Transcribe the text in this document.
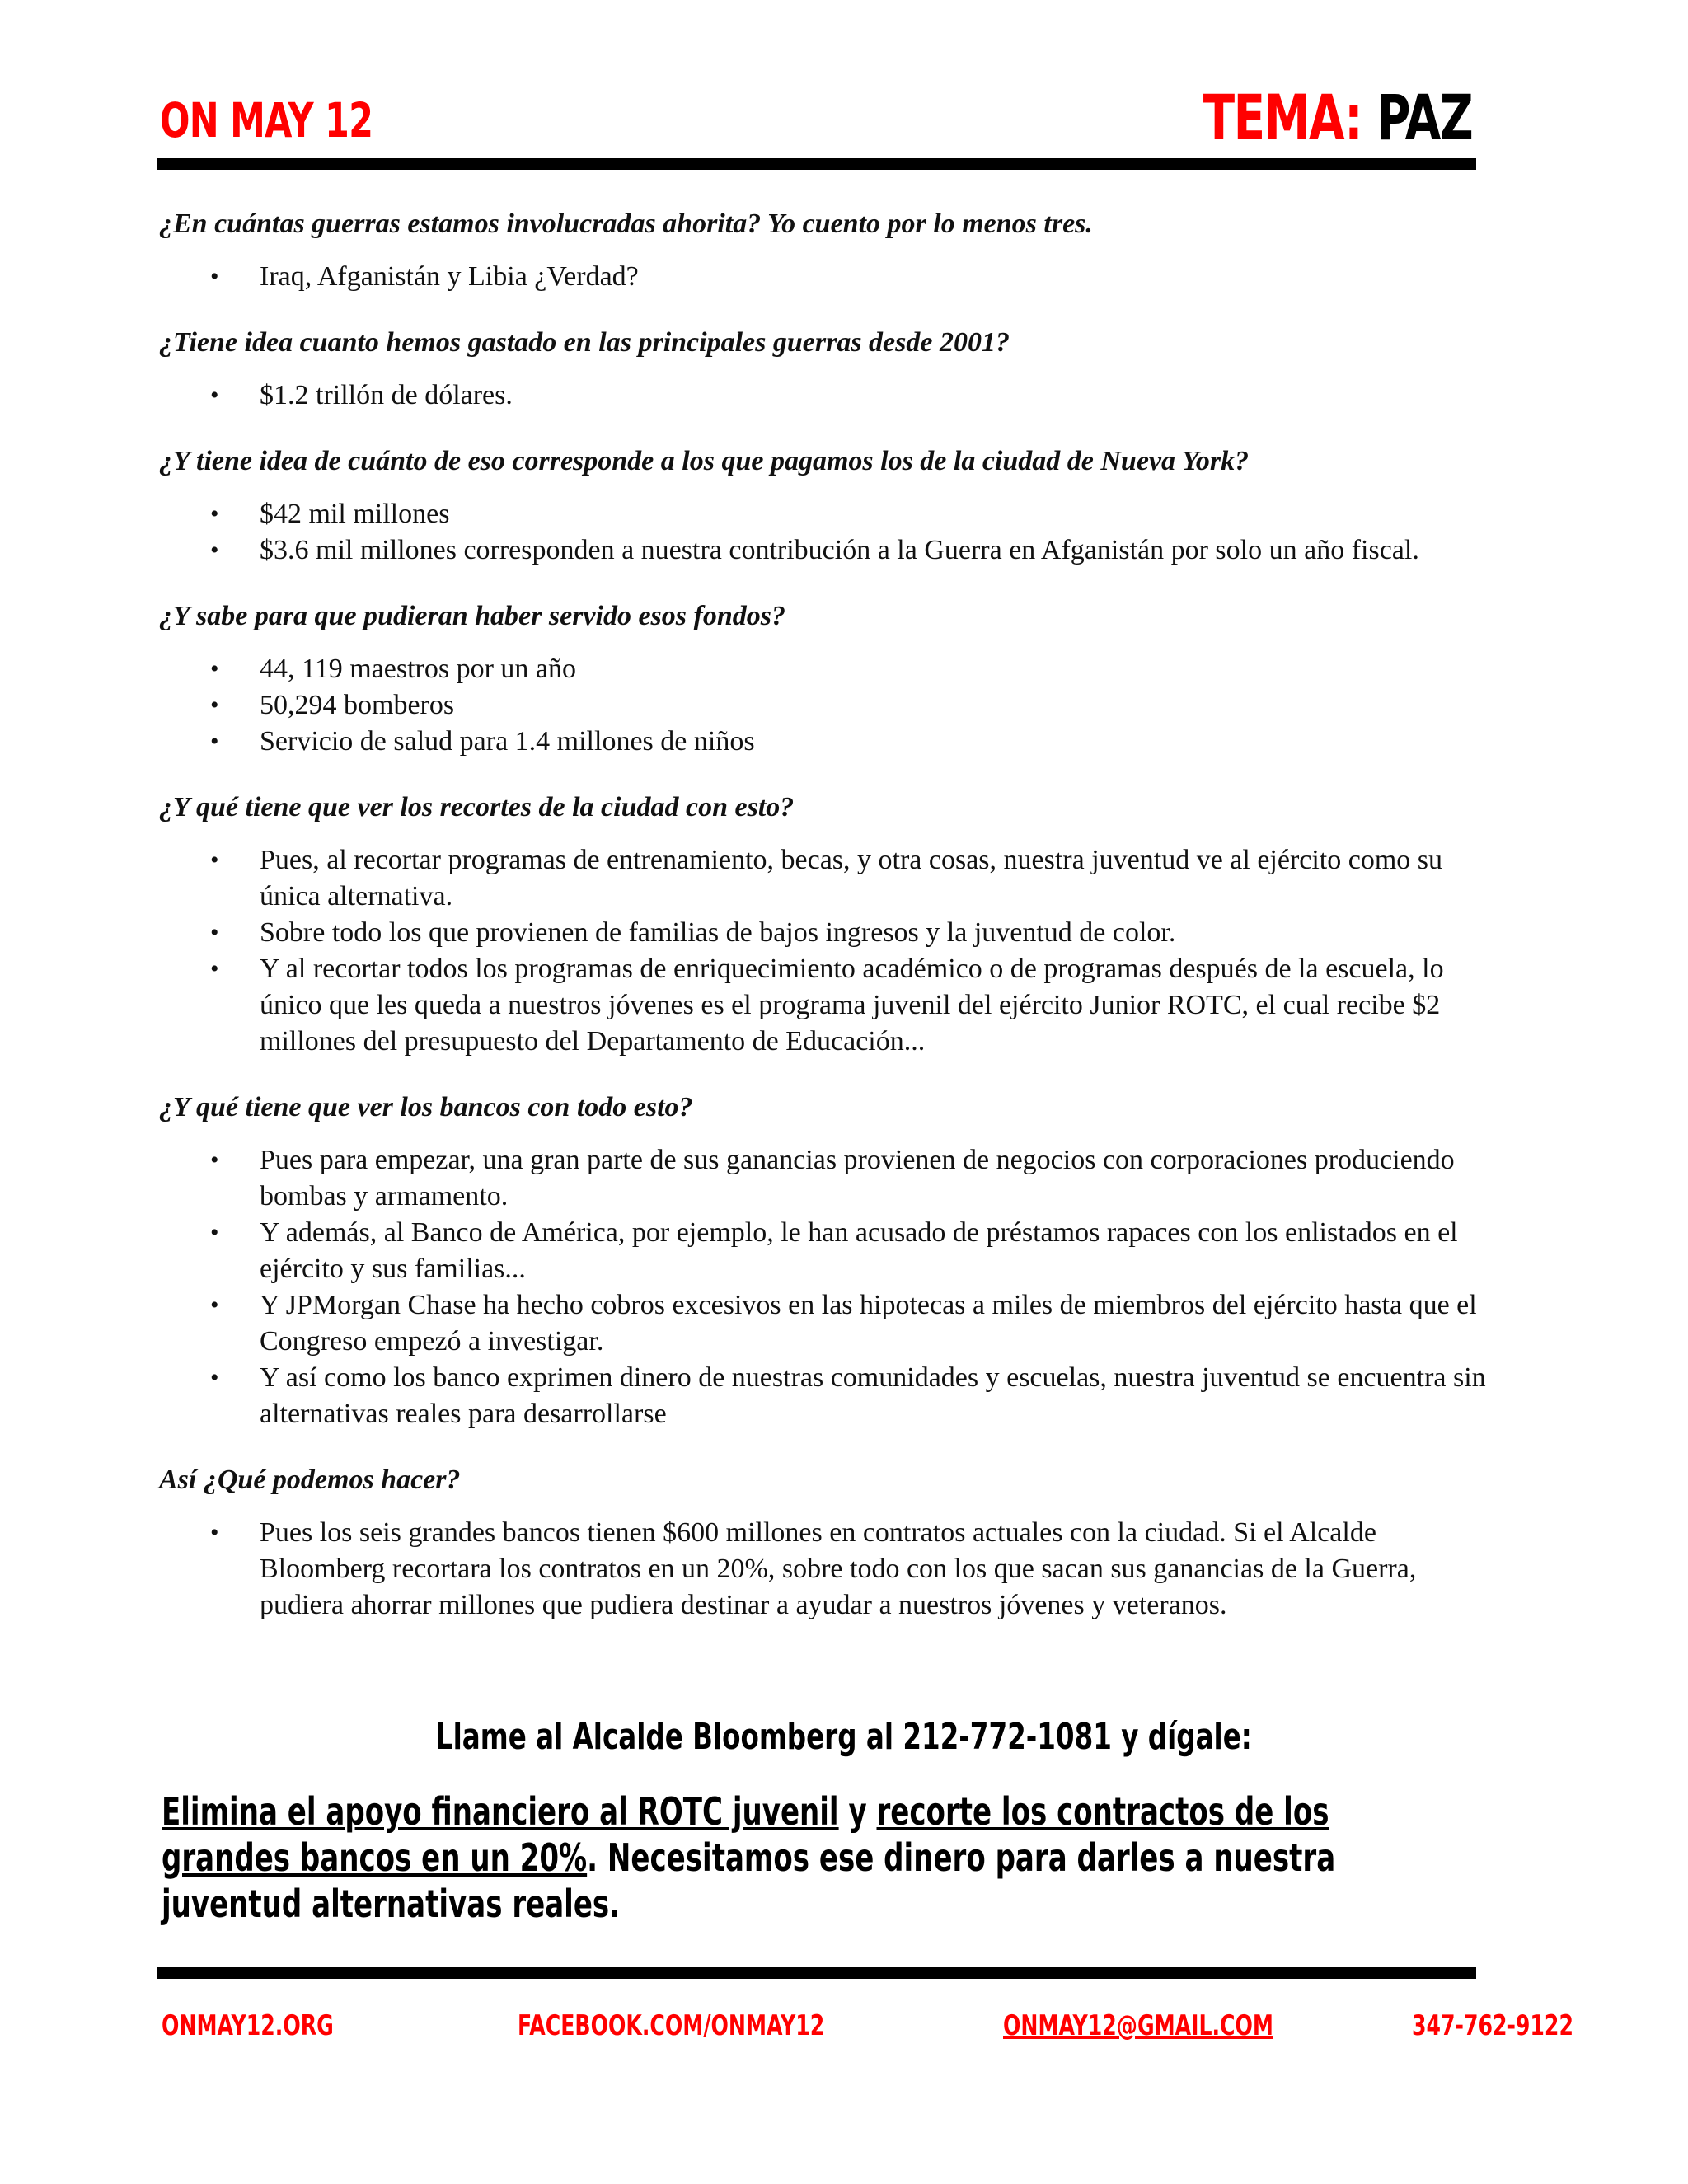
ON MAY 12	TEMA: PAZ
¿En cuántas guerras estamos involucradas ahorita? Yo cuento por lo menos tres.
• Iraq, Afganistán y Libia ¿Verdad?
¿Tiene idea cuanto hemos gastado en las principales guerras desde 2001?
• $1.2 trillón de dólares.
¿Y tiene idea de cuánto de eso corresponde a los que pagamos los de la ciudad de Nueva York?
• $42 mil millones
• $3.6 mil millones corresponden a nuestra contribución a la Guerra en Afganistán por solo un año fiscal.
¿Y sabe para que pudieran haber servido esos fondos?
• 44, 119 maestros por un año
• 50,294 bomberos
• Servicio de salud para 1.4 millones de niños
¿Y qué tiene que ver los recortes de la ciudad con esto?
• Pues, al recortar programas de entrenamiento, becas, y otra cosas, nuestra juventud ve al ejército como su única alternativa.
• Sobre todo los que provienen de familias de bajos ingresos y la juventud de color.
• Y al recortar todos los programas de enriquecimiento académico o de programas después de la escuela, lo único que les queda a nuestros jóvenes es el programa juvenil del ejército Junior ROTC, el cual recibe $2 millones del presupuesto del Departamento de Educación...
¿Y qué tiene que ver los bancos con todo esto?
• Pues para empezar, una gran parte de sus ganancias provienen de negocios con corporaciones produciendo bombas y armamento.
• Y además, al Banco de América, por ejemplo, le han acusado de préstamos rapaces con los enlistados en el ejército y sus familias...
• Y JPMorgan Chase ha hecho cobros excesivos en las hipotecas a miles de miembros del ejército hasta que el Congreso empezó a investigar.
• Y así como los banco exprimen dinero de nuestras comunidades y escuelas, nuestra juventud se encuentra sin alternativas reales para desarrollarse
Así ¿Qué podemos hacer?
• Pues los seis grandes bancos tienen $600 millones en contratos actuales con la ciudad. Si el Alcalde Bloomberg recortara los contratos en un 20%, sobre todo con los que sacan sus ganancias de la Guerra, pudiera ahorrar millones que pudiera destinar a ayudar a nuestros jóvenes y veteranos.
Llame al Alcalde Bloomberg al 212-772-1081 y dígale:
Elimina el apoyo financiero al ROTC juvenil y recorte los contractos de los grandes bancos en un 20%. Necesitamos ese dinero para darles a nuestra juventud alternativas reales.
ONMAY12.ORG	FACEBOOK.COM/ONMAY12	ONMAY12@GMAIL.COM	347-762-9122
